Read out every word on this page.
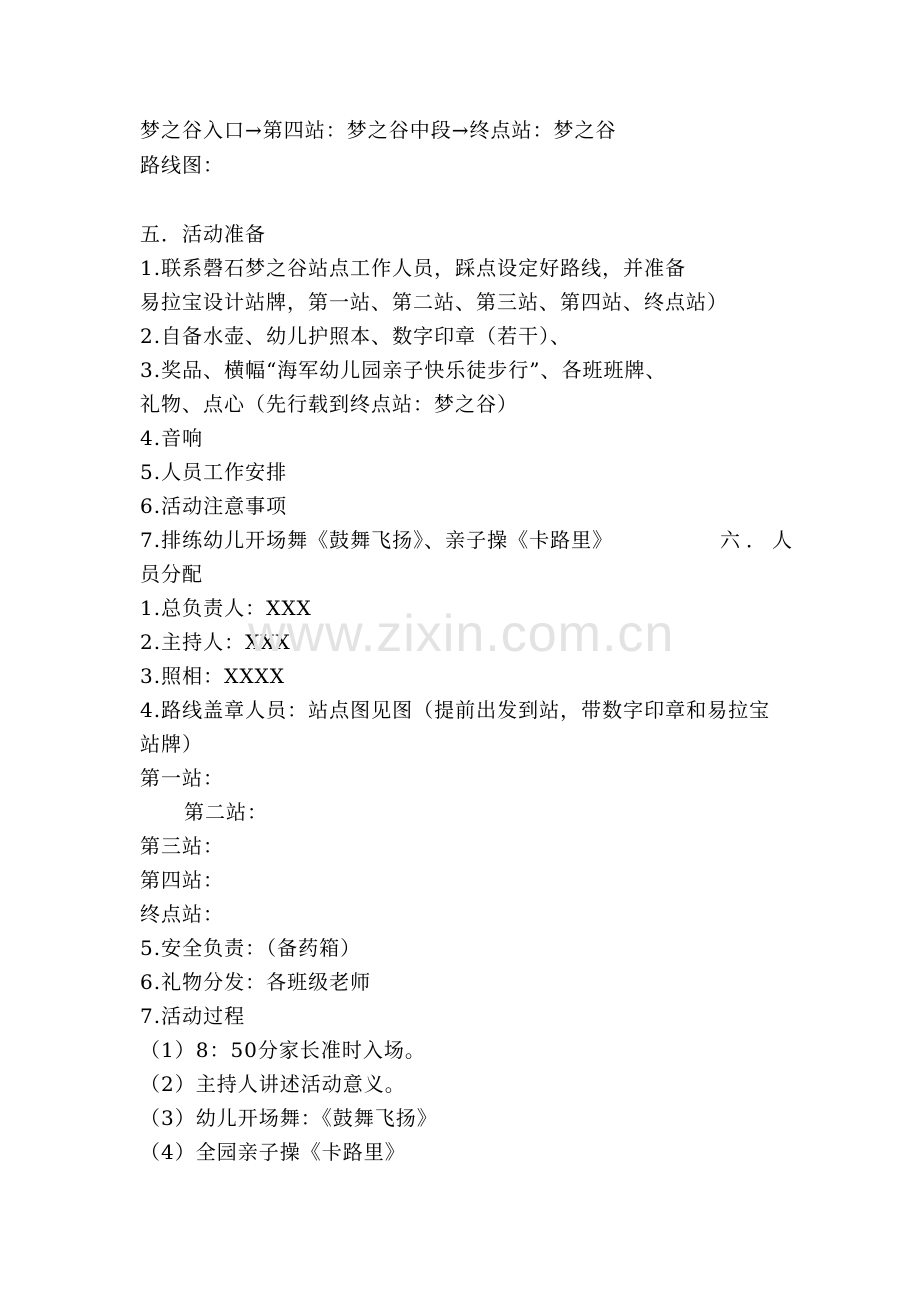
梦之谷入口→第四站：梦之谷中段→终点站：梦之谷
路线图：
五．活动准备
1.联系磬石梦之谷站点工作人员，踩点设定好路线，并准备
易拉宝设计站牌，第一站、第二站、第三站、第四站、终点站）
2.自备水壶、幼儿护照本、数字印章（若干）、
3.奖品、横幅“海军幼儿园亲子快乐徒步行”、各班班牌、
礼物、点心（先行载到终点站：梦之谷）
4.音响
5.人员工作安排
6.活动注意事项
7.排练幼儿开场舞《鼓舞飞扬》、亲子操《卡路里》	六．人
员分配
1.总负责人：XXX
2.主持人：XXX
3.照相：XXXX
4.路线盖章人员：站点图见图（提前出发到站，带数字印章和易拉宝
站牌）
第一站：
第二站：
第三站：
第四站：
终点站：
5.安全负责：（备药箱）
6.礼物分发：各班级老师
7.活动过程
（1）8：50分家长准时入场。
（2）主持人讲述活动意义。
（3）幼儿开场舞：《鼓舞飞扬》
（4）全园亲子操《卡路里》
www.zixin.com.cn
